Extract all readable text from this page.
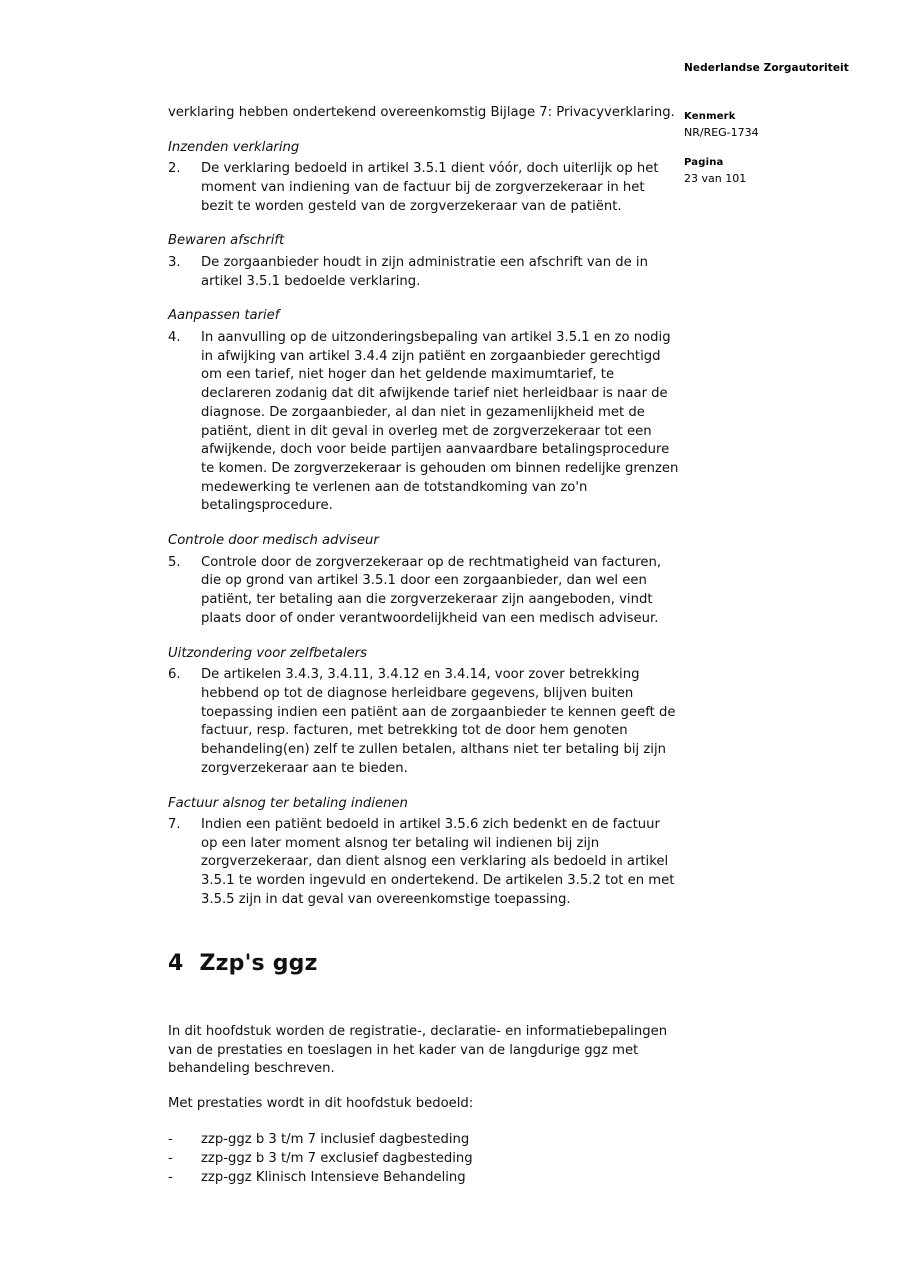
Nederlandse Zorgautoriteit
Kenmerk
NR/REG-1734
Pagina
23 van 101

verklaring hebben ondertekend overeenkomstig Bijlage 7: Privacyverklaring.

Inzenden verklaring
2.	De verklaring bedoeld in artikel 3.5.1 dient vóór, doch uiterlijk op het moment van indiening van de factuur bij de zorgverzekeraar in het bezit te worden gesteld van de zorgverzekeraar van de patiënt.
Bewaren afschrift
3.	De zorgaanbieder houdt in zijn administratie een afschrift van de in artikel 3.5.1 bedoelde verklaring.
Aanpassen tarief
4.	In aanvulling op de uitzonderingsbepaling van artikel 3.5.1 en zo nodig in afwijking van artikel 3.4.4 zijn patiënt en zorgaanbieder gerechtigd om een tarief, niet hoger dan het geldende maximumtarief, te declareren zodanig dat dit afwijkende tarief niet herleidbaar is naar de diagnose. De zorgaanbieder, al dan niet in gezamenlijkheid met de patiënt, dient in dit geval in overleg met de zorgverzekeraar tot een afwijkende, doch voor beide partijen aanvaardbare betalingsprocedure te komen. De zorgverzekeraar is gehouden om binnen redelijke grenzen medewerking te verlenen aan de totstandkoming van zo'n betalingsprocedure.
Controle door medisch adviseur
5.	Controle door de zorgverzekeraar op de rechtmatigheid van facturen, die op grond van artikel 3.5.1 door een zorgaanbieder, dan wel een patiënt, ter betaling aan die zorgverzekeraar zijn aangeboden, vindt plaats door of onder verantwoordelijkheid van een medisch adviseur.
Uitzondering voor zelfbetalers
6.	De artikelen 3.4.3, 3.4.11, 3.4.12 en 3.4.14, voor zover betrekking hebbend op tot de diagnose herleidbare gegevens, blijven buiten toepassing indien een patiënt aan de zorgaanbieder te kennen geeft de factuur, resp. facturen, met betrekking tot de door hem genoten behandeling(en) zelf te zullen betalen, althans niet ter betaling bij zijn zorgverzekeraar aan te bieden.
Factuur alsnog ter betaling indienen
7.	Indien een patiënt bedoeld in artikel 3.5.6 zich bedenkt en de factuur op een later moment alsnog ter betaling wil indienen bij zijn zorgverzekeraar, dan dient alsnog een verklaring als bedoeld in artikel 3.5.1 te worden ingevuld en ondertekend. De artikelen 3.5.2 tot en met 3.5.5 zijn in dat geval van overeenkomstige toepassing.
4 Zzp's ggz

In dit hoofdstuk worden de registratie-, declaratie- en informatiebepalingen van de prestaties en toeslagen in het kader van de langdurige ggz met behandeling beschreven.

Met prestaties wordt in dit hoofdstuk bedoeld:

- zzp-ggz b 3 t/m 7 inclusief dagbesteding
- zzp-ggz b 3 t/m 7 exclusief dagbesteding
- zzp-ggz Klinisch Intensieve Behandeling
